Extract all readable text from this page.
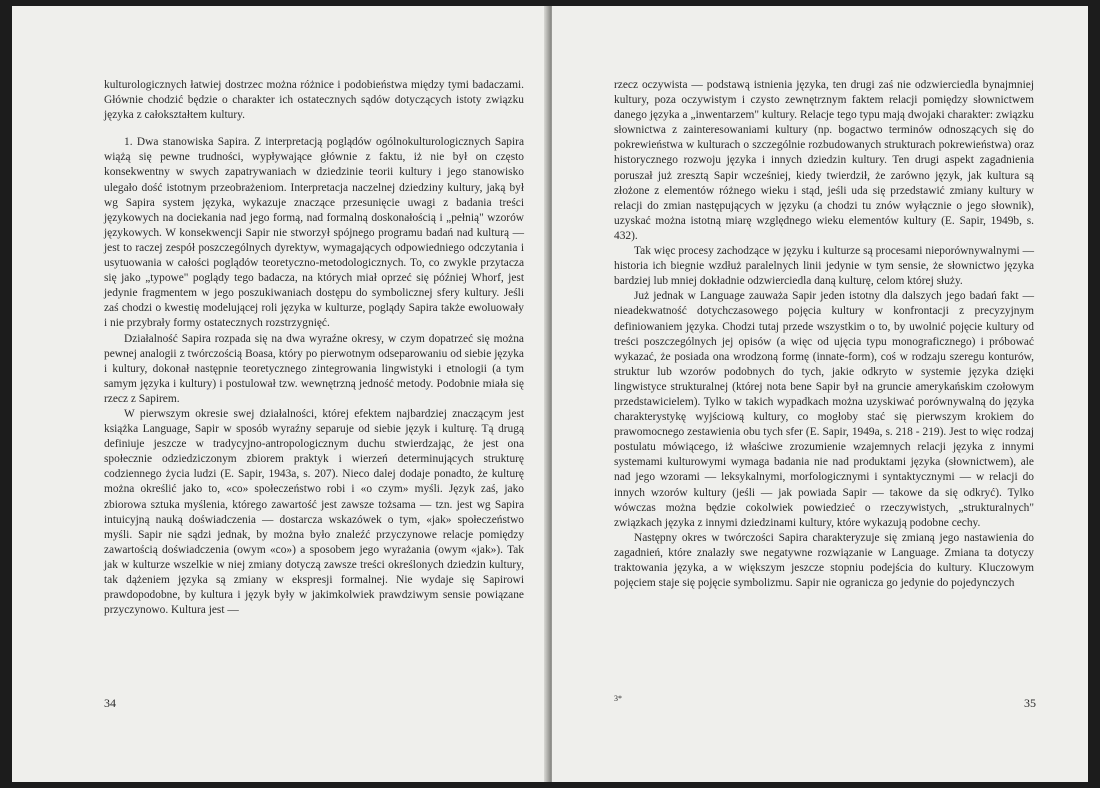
kulturologicznych łatwiej dostrzec można różnice i podobieństwa między tymi badaczami. Głównie chodzić będzie o charakter ich ostatecznych sądów dotyczących istoty związku języka z całokształtem kultury.

1. Dwa stanowiska Sapira. Z interpretacją poglądów ogólnokulturologicznych Sapira wiążą się pewne trudności, wypływające głównie z faktu, iż nie był on często konsekwentny w swych zapatrywaniach w dziedzinie teorii kultury i jego stanowisko ulegało dość istotnym przeobrażeniom. Interpretacja naczelnej dziedziny kultury, jaką był wg Sapira system języka, wykazuje znaczące przesunięcie uwagi z badania treści językowych na dociekania nad jego formą, nad formalną doskonałością i „pełnią" wzorów językowych. W konsekwencji Sapir nie stworzył spójnego programu badań nad kulturą — jest to raczej zespół poszczególnych dyrektyw, wymagających odpowiedniego odczytania i usytuowania w całości poglądów teoretyczno-metodologicznych. To, co zwykle przytacza się jako „typowe" poglądy tego badacza, na których miał oprzeć się później Whorf, jest jedynie fragmentem w jego poszukiwaniach dostępu do symbolicznej sfery kultury. Jeśli zaś chodzi o kwestię modelującej roli języka w kulturze, poglądy Sapira także ewoluowały i nie przybrały formy ostatecznych rozstrzygnięć.

Działalność Sapira rozpada się na dwa wyraźne okresy, w czym dopatrzeć się można pewnej analogii z twórczością Boasa, który po pierwotnym odseparowaniu od siebie języka i kultury, dokonał następnie teoretycznego zintegrowania lingwistyki i etnologii (a tym samym języka i kultury) i postulował tzw. wewnętrzną jedność metody. Podobnie miała się rzecz z Sapirem.

W pierwszym okresie swej działalności, której efektem najbardziej znaczącym jest książka Language, Sapir w sposób wyraźny separuje od siebie język i kulturę. Tą drugą definiuje jeszcze w tradycyjno-antropologicznym duchu stwierdzając, że jest ona społecznie odziedziczonym zbiorem praktyk i wierzeń determinujących strukturę codziennego życia ludzi (E. Sapir, 1943a, s. 207). Nieco dalej dodaje ponadto, że kulturę można określić jako to, «co» społeczeństwo robi i «o czym» myśli. Język zaś, jako zbiorowa sztuka myślenia, którego zawartość jest zawsze tożsama — tzn. jest wg Sapira intuicyjną nauką doświadczenia — dostarcza wskazówek o tym, «jak» społeczeństwo myśli. Sapir nie sądzi jednak, by można było znaleźć przyczynowe relacje pomiędzy zawartością doświadczenia (owym «co») a sposobem jego wyrażania (owym «jak»). Tak jak w kulturze wszelkie w niej zmiany dotyczą zawsze treści określonych dziedzin kultury, tak dążeniem języka są zmiany w ekspresji formalnej. Nie wydaje się Sapirowi prawdopodobne, by kultura i język były w jakimkolwiek prawdziwym sensie powiązane przyczynowo. Kultura jest —

34

rzecz oczywista — podstawą istnienia języka, ten drugi zaś nie odzwierciedla bynajmniej kultury, poza oczywistym i czysto zewnętrznym faktem relacji pomiędzy słownictwem danego języka a „inwentarzem" kultury. Relacje tego typu mają dwojaki charakter: związku słownictwa z zainteresowaniami kultury (np. bogactwo terminów odnoszących się do pokrewieństwa w kulturach o szczególnie rozbudowanych strukturach pokrewieństwa) oraz historycznego rozwoju języka i innych dziedzin kultury. Ten drugi aspekt zagadnienia poruszał już zresztą Sapir wcześniej, kiedy twierdził, że zarówno język, jak kultura są złożone z elementów różnego wieku i stąd, jeśli uda się przedstawić zmiany kultury w relacji do zmian następujących w języku (a chodzi tu znów wyłącznie o jego słownik), uzyskać można istotną miarę względnego wieku elementów kultury (E. Sapir, 1949b, s. 432).

Tak więc procesy zachodzące w języku i kulturze są procesami nieporównywalnymi — historia ich biegnie wzdłuż paralelnych linii jedynie w tym sensie, że słownictwo języka bardziej lub mniej dokładnie odzwierciedla daną kulturę, celom której służy.

Już jednak w Language zauważa Sapir jeden istotny dla dalszych jego badań fakt — nieadekwatność dotychczasowego pojęcia kultury w konfrontacji z precyzyjnym definiowaniem języka. Chodzi tutaj przede wszystkim o to, by uwolnić pojęcie kultury od treści poszczególnych jej opisów (a więc od ujęcia typu monograficznego) i próbować wykazać, że posiada ona wrodzoną formę (innate-form), coś w rodzaju szeregu konturów, struktur lub wzorów podobnych do tych, jakie odkryto w systemie języka dzięki lingwistyce strukturalnej (której nota bene Sapir był na gruncie amerykańskim czołowym przedstawicielem). Tylko w takich wypadkach można uzyskiwać porównywalną do języka charakterystykę wyjściową kultury, co mogłoby stać się pierwszym krokiem do prawomocnego zestawienia obu tych sfer (E. Sapir, 1949a, s. 218 - 219). Jest to więc rodzaj postulatu mówiącego, iż właściwe zrozumienie wzajemnych relacji języka z innymi systemami kulturowymi wymaga badania nie nad produktami języka (słownictwem), ale nad jego wzorami — leksykalnymi, morfologicznymi i syntaktycznymi — w relacji do innych wzorów kultury (jeśli — jak powiada Sapir — takowe da się odkryć). Tylko wówczas można będzie cokolwiek powiedzieć o rzeczywistych, „strukturalnych" związkach języka z innymi dziedzinami kultury, które wykazują podobne cechy.

Następny okres w twórczości Sapira charakteryzuje się zmianą jego nastawienia do zagadnień, które znalazły swe negatywne rozwiązanie w Language. Zmiana ta dotyczy traktowania języka, a w większym jeszcze stopniu podejścia do kultury. Kluczowym pojęciem staje się pojęcie symbolizmu. Sapir nie ogranicza go jedynie do pojedynczych

3*	35
